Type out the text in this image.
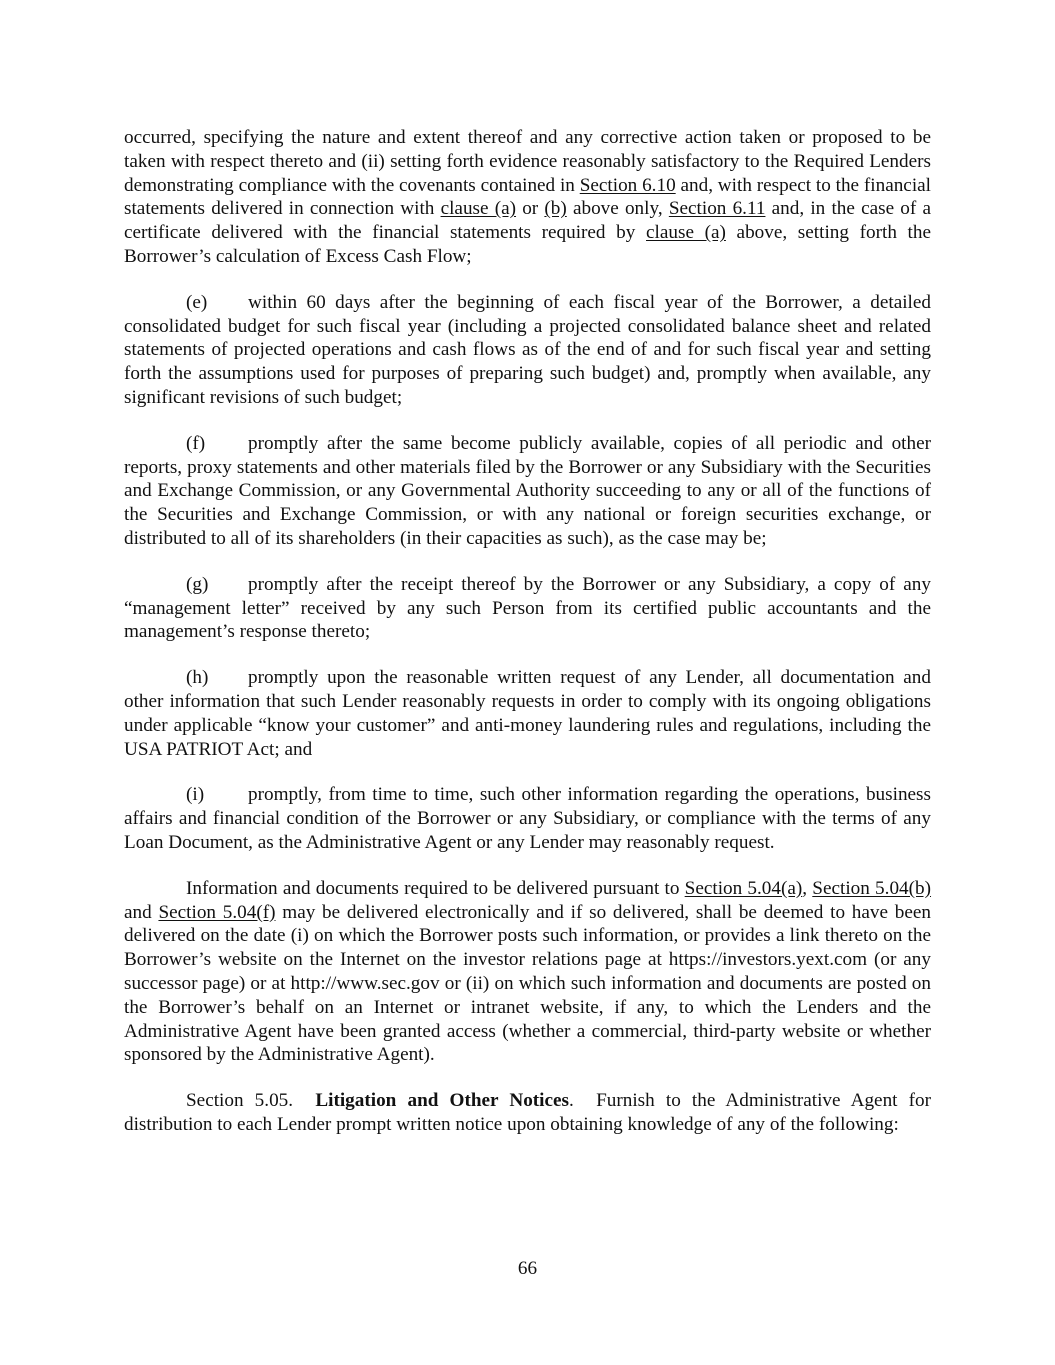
occurred, specifying the nature and extent thereof and any corrective action taken or proposed to be taken with respect thereto and (ii) setting forth evidence reasonably satisfactory to the Required Lenders demonstrating compliance with the covenants contained in Section 6.10 and, with respect to the financial statements delivered in connection with clause (a) or (b) above only, Section 6.11 and, in the case of a certificate delivered with the financial statements required by clause (a) above, setting forth the Borrower’s calculation of Excess Cash Flow;

(e) within 60 days after the beginning of each fiscal year of the Borrower, a detailed consolidated budget for such fiscal year (including a projected consolidated balance sheet and related statements of projected operations and cash flows as of the end of and for such fiscal year and setting forth the assumptions used for purposes of preparing such budget) and, promptly when available, any significant revisions of such budget;

(f) promptly after the same become publicly available, copies of all periodic and other reports, proxy statements and other materials filed by the Borrower or any Subsidiary with the Securities and Exchange Commission, or any Governmental Authority succeeding to any or all of the functions of the Securities and Exchange Commission, or with any national or foreign securities exchange, or distributed to all of its shareholders (in their capacities as such), as the case may be;

(g) promptly after the receipt thereof by the Borrower or any Subsidiary, a copy of any “management letter” received by any such Person from its certified public accountants and the management’s response thereto;

(h) promptly upon the reasonable written request of any Lender, all documentation and other information that such Lender reasonably requests in order to comply with its ongoing obligations under applicable “know your customer” and anti-money laundering rules and regulations, including the USA PATRIOT Act; and

(i) promptly, from time to time, such other information regarding the operations, business affairs and financial condition of the Borrower or any Subsidiary, or compliance with the terms of any Loan Document, as the Administrative Agent or any Lender may reasonably request.

Information and documents required to be delivered pursuant to Section 5.04(a), Section 5.04(b) and Section 5.04(f) may be delivered electronically and if so delivered, shall be deemed to have been delivered on the date (i) on which the Borrower posts such information, or provides a link thereto on the Borrower’s website on the Internet on the investor relations page at https://investors.yext.com (or any successor page) or at http://www.sec.gov or (ii) on which such information and documents are posted on the Borrower’s behalf on an Internet or intranet website, if any, to which the Lenders and the Administrative Agent have been granted access (whether a commercial, third-party website or whether sponsored by the Administrative Agent).

Section 5.05. Litigation and Other Notices.  Furnish to the Administrative Agent for distribution to each Lender prompt written notice upon obtaining knowledge of any of the following:

66
